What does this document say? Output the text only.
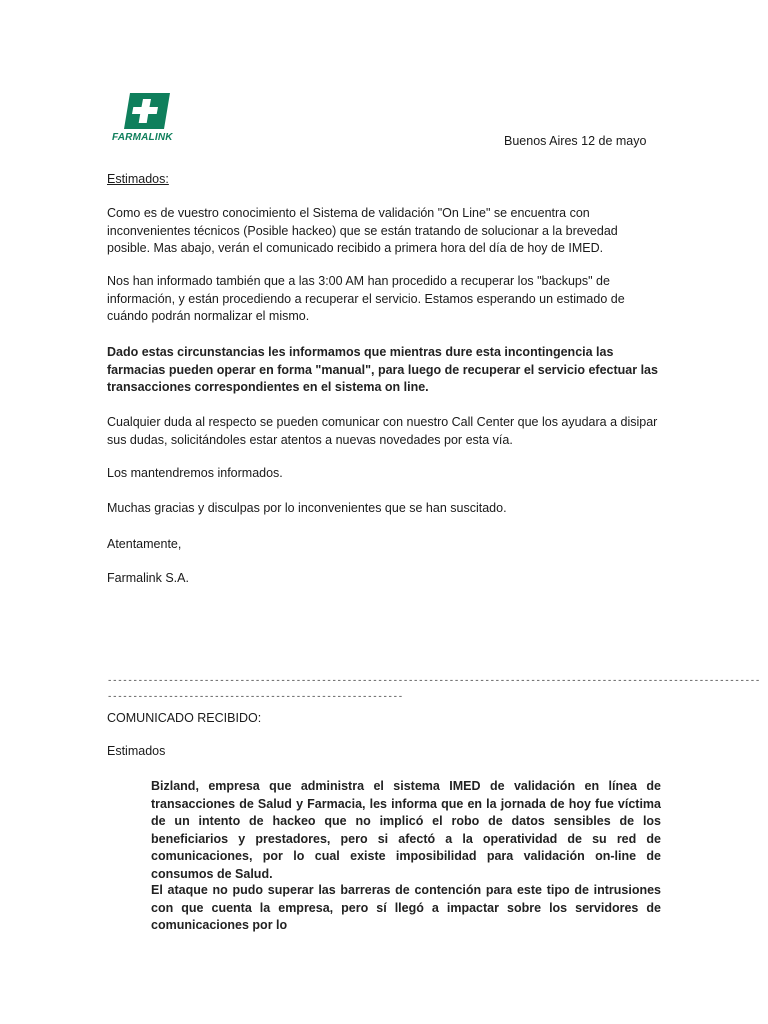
FARMALINK	Buenos Aires 12 de mayo
Estimados:
Como es de vuestro conocimiento el Sistema de validación "On Line" se encuentra con inconvenientes técnicos (Posible hackeo) que se están tratando de solucionar a la brevedad posible. Mas abajo, verán el comunicado recibido a primera hora del día de hoy de IMED.
Nos han informado también que a las 3:00 AM han procedido a recuperar los "backups" de información, y están procediendo a recuperar el servicio. Estamos esperando un estimado de cuándo podrán normalizar el mismo.
Dado estas circunstancias les informamos que mientras dure esta incontingencia las farmacias pueden operar en forma "manual", para luego de recuperar el servicio efectuar las transacciones correspondientes en el sistema on line.
Cualquier duda al respecto se pueden comunicar con nuestro Call Center que los ayudara a disipar sus dudas, solicitándoles estar atentos a nuevas novedades por esta vía.
Los mantendremos informados.
Muchas gracias y disculpas por lo inconvenientes que se han suscitado.
Atentamente,
Farmalink S.A.
--------------------------------------------------------------------------------------------------------------------------------
----------------------------------------------------------
COMUNICADO RECIBIDO:
Estimados
Bizland, empresa que administra el sistema IMED de validación en línea de transacciones de Salud y Farmacia, les informa que en la jornada de hoy fue víctima de un intento de hackeo que no implicó el robo de datos sensibles de los beneficiarios y prestadores, pero si afectó a la operatividad de su red de comunicaciones, por lo cual existe imposibilidad para validación on-line de consumos de Salud.
El ataque no pudo superar las barreras de contención para este tipo de intrusiones con que cuenta la empresa, pero sí llegó a impactar sobre los servidores de comunicaciones por lo
